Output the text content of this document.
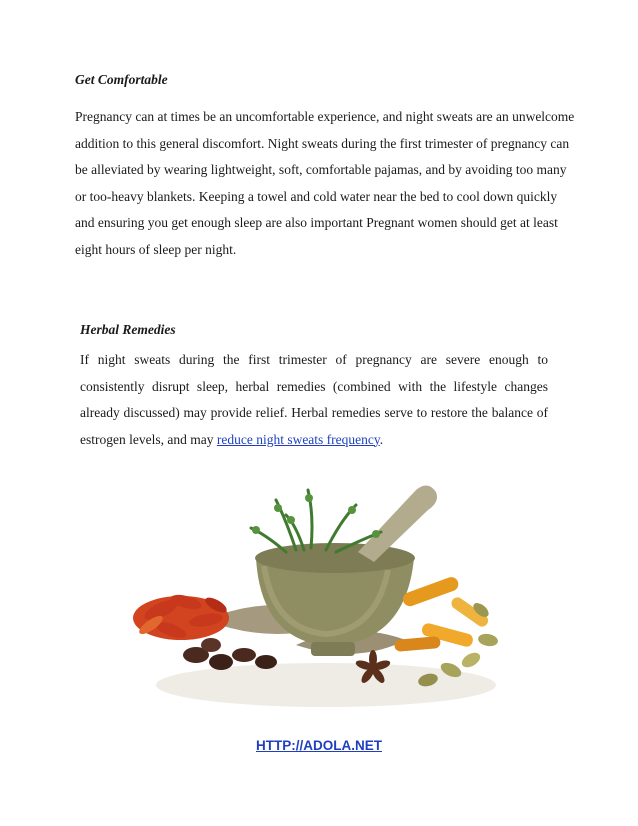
Get Comfortable

Pregnancy can at times be an uncomfortable experience, and night sweats are an unwelcome addition to this general discomfort. Night sweats during the first trimester of pregnancy can be alleviated by wearing lightweight, soft, comfortable pajamas, and by avoiding too many or too-heavy blankets. Keeping a towel and cold water near the bed to cool down quickly and ensuring you get enough sleep are also important Pregnant women should get at least eight hours of sleep per night.

Herbal Remedies

If night sweats during the first trimester of pregnancy are severe enough to consistently disrupt sleep, herbal remedies (combined with the lifestyle changes already discussed) may provide relief. Herbal remedies serve to restore the balance of estrogen levels, and may reduce night sweats frequency.

HTTP://ADOLA.NET
